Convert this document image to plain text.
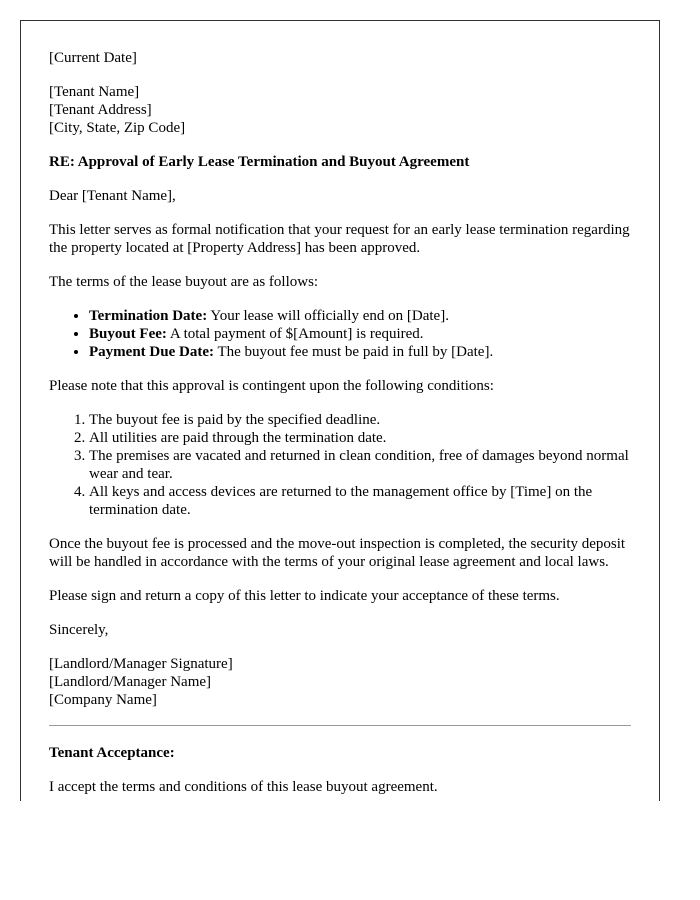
[Current Date]

[Tenant Name]
[Tenant Address]
[City, State, Zip Code]

RE: Approval of Early Lease Termination and Buyout Agreement

Dear [Tenant Name],

This letter serves as formal notification that your request for an early lease termination regarding the property located at [Property Address] has been approved.

The terms of the lease buyout are as follows:

• Termination Date: Your lease will officially end on [Date].
• Buyout Fee: A total payment of $[Amount] is required.
• Payment Due Date: The buyout fee must be paid in full by [Date].

Please note that this approval is contingent upon the following conditions:

1. The buyout fee is paid by the specified deadline.
2. All utilities are paid through the termination date.
3. The premises are vacated and returned in clean condition, free of damages beyond normal wear and tear.
4. All keys and access devices are returned to the management office by [Time] on the termination date.

Once the buyout fee is processed and the move-out inspection is completed, the security deposit will be handled in accordance with the terms of your original lease agreement and local laws.

Please sign and return a copy of this letter to indicate your acceptance of these terms.

Sincerely,

[Landlord/Manager Signature]
[Landlord/Manager Name]
[Company Name]

Tenant Acceptance:

I accept the terms and conditions of this lease buyout agreement.
